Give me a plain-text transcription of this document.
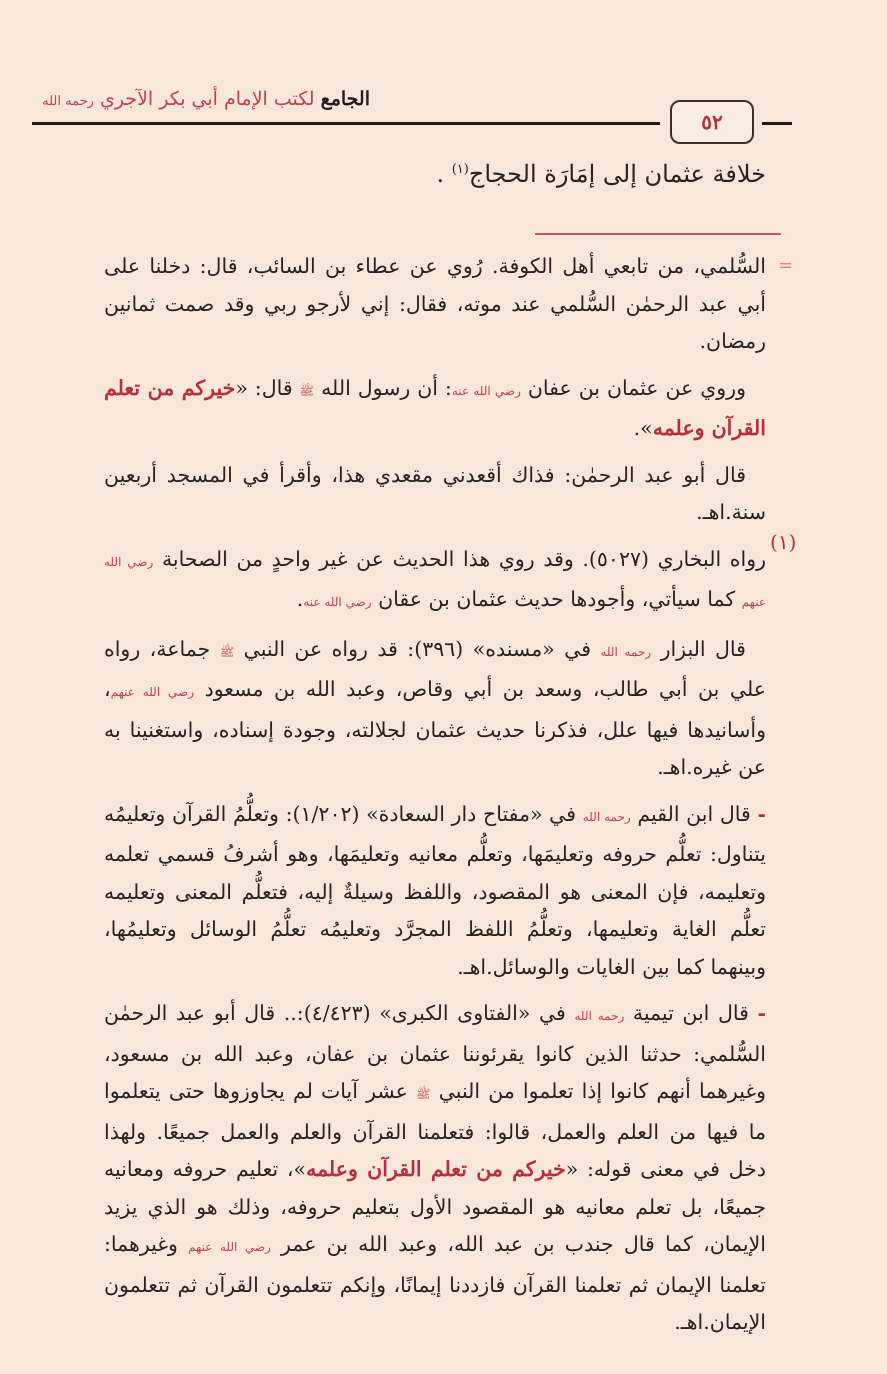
الجامع لكتب الإمام أبي بكر الآجري رحمه الله
٥٢
خلافة عثمان إلى إمَارَة الحجاج$^{(١)}$ .
=
(١)

السُّلمي، من تابعي أهل الكوفة. رُوي عن عطاء بن السائب، قال: دخلنا على أبي عبد الرحمٰن السُّلمي عند موته، فقال: إني لأرجو ربي وقد صمت ثمانين رمضان.

وروي عن عثمان بن عفان رضي الله عنه: أن رسول الله ﷺ قال: «خيركم من تعلم القرآن وعلمه».

قال أبو عبد الرحمٰن: فذاك أقعدني مقعدي هذا، وأقرأ في المسجد أربعين سنة.اهـ.

رواه البخاري (٥٠٢٧). وقد روي هذا الحديث عن غير واحدٍ من الصحابة رضي الله عنهم كما سيأتي، وأجودها حديث عثمان بن عقان رضي الله عنه.

قال البزار رحمه الله في «مسنده» (٣٩٦): قد رواه عن النبي ﷺ جماعة، رواه علي بن أبي طالب، وسعد بن أبي وقاص، وعبد الله بن مسعود رضي الله عنهم، وأسانيدها فيها علل، فذكرنا حديث عثمان لجلالته، وجودة إسناده، واستغنينا به عن غيره.اهـ.

- قال ابن القيم رحمه الله في «مفتاح دار السعادة» (١/٢٠٢): وتعلُّمُ القرآن وتعليمُه يتناول: تعلُّم حروفه وتعليمَها، وتعلُّم معانيه وتعليمَها، وهو أشرفُ قسمي تعلمه وتعليمه، فإن المعنى هو المقصود، واللفظ وسيلةٌ إليه، فتعلُّم المعنى وتعليمه تعلُّم الغاية وتعليمها، وتعلُّمُ اللفظ المجرَّد وتعليمُه تعلُّمُ الوسائل وتعليمُها، وبينهما كما بين الغايات والوسائل.اهـ.

- قال ابن تيمية رحمه الله في «الفتاوى الكبرى» (٤/٤٢٣):.. قال أبو عبد الرحمٰن السُّلمي: حدثنا الذين كانوا يقرئوننا عثمان بن عفان، وعبد الله بن مسعود، وغيرهما أنهم كانوا إذا تعلموا من النبي ﷺ عشر آيات لم يجاوزوها حتى يتعلموا ما فيها من العلم والعمل، قالوا: فتعلمنا القرآن والعلم والعمل جميعًا. ولهذا دخل في معنى قوله: «خيركم من تعلم القرآن وعلمه»، تعليم حروفه ومعانيه جميعًا، بل تعلم معانيه هو المقصود الأول بتعليم حروفه، وذلك هو الذي يزيد الإيمان، كما قال جندب بن عبد الله، وعبد الله بن عمر رضي الله عنهم وغيرهما: تعلمنا الإيمان ثم تعلمنا القرآن فازددنا إيمانًا، وإنكم تتعلمون القرآن ثم تتعلمون الإيمان.اهـ.
